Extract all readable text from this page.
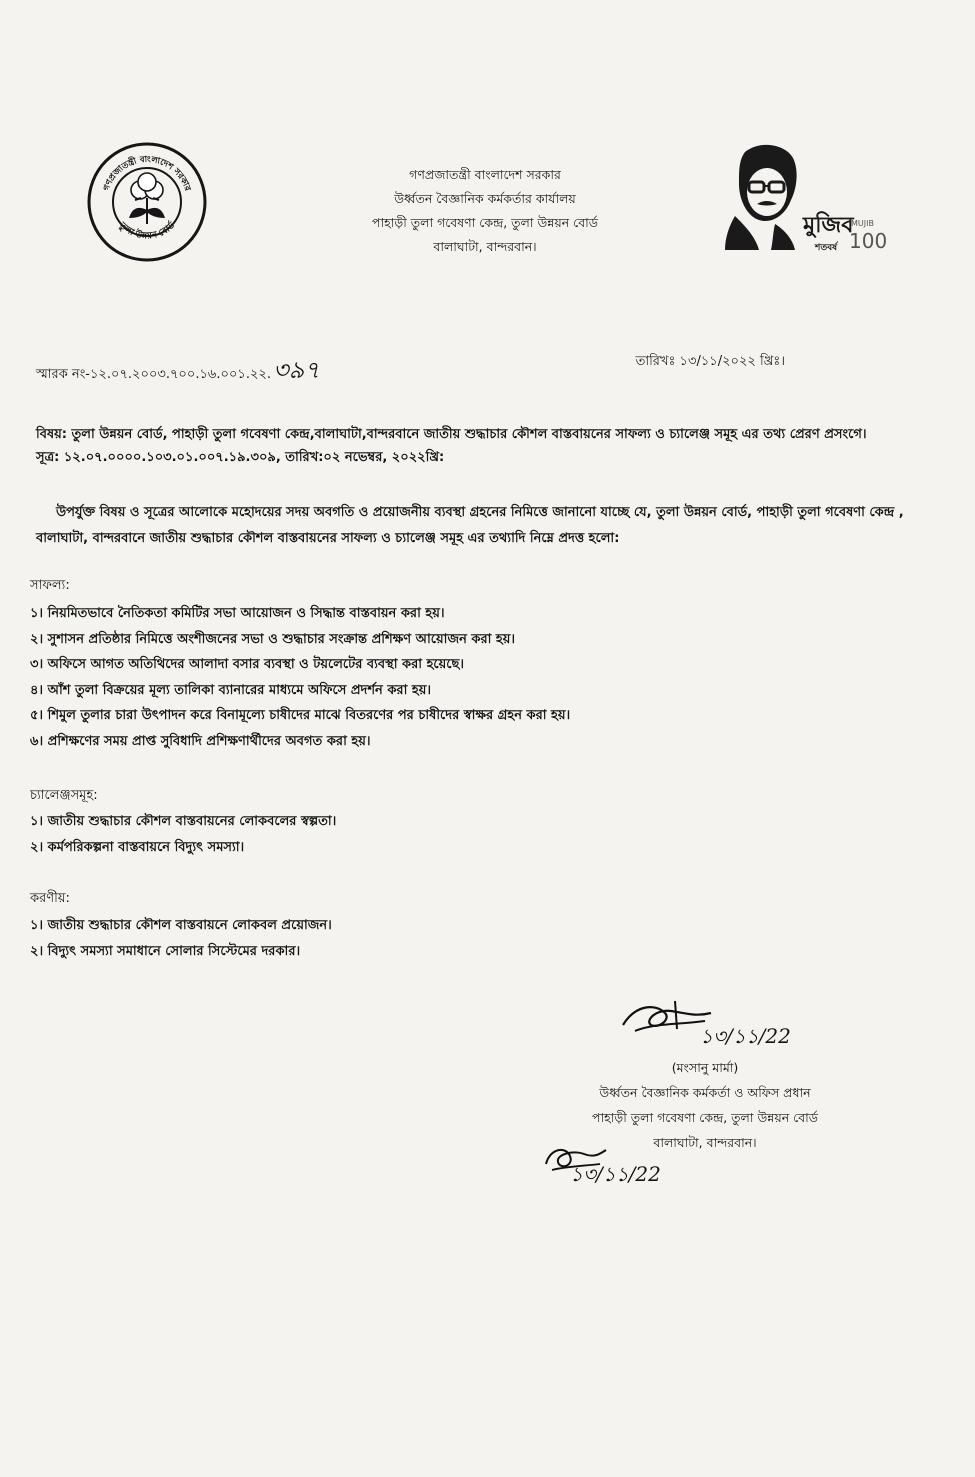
গণপ্রজাতন্ত্রী বাংলাদেশ সরকার
তুলা উন্নয়ন বোর্ড
গণপ্রজাতন্ত্রী বাংলাদেশ সরকার
উর্ধ্বতন বৈজ্ঞানিক কর্মকর্তার কার্যালয়
পাহাড়ী তুলা গবেষণা কেন্দ্র, তুলা উন্নয়ন বোর্ড
বালাঘাটা, বান্দরবান।
মুজিব
শতবর্ষ
MUJIB
100
স্মারক নং-১২.০৭.২০০৩.৭০০.১৬.০০১.২২.৩৯৭	তারিখঃ ১৩/১১/২০২২ খ্রিঃ।
বিষয়: তুলা উন্নয়ন বোর্ড, পাহাড়ী তুলা গবেষণা কেন্দ্র,বালাঘাটা,বান্দরবানে জাতীয় শুদ্ধাচার কৌশল বাস্তবায়নের সাফল্য ও চ্যালেঞ্জ সমূহ এর তথ্য প্রেরণ প্রসংগে।
সূত্র: ১২.০৭.০০০০.১০৩.০১.০০৭.১৯.৩০৯, তারিখ:০২ নভেম্বর, ২০২২খ্রি:
উপর্যুক্ত বিষয় ও সূত্রের আলোকে মহোদয়ের সদয় অবগতি ও প্রয়োজনীয় ব্যবস্থা গ্রহনের নিমিত্তে জানানো যাচ্ছে যে, তুলা উন্নয়ন বোর্ড, পাহাড়ী তুলা গবেষণা কেন্দ্র , বালাঘাটা, বান্দরবানে জাতীয় শুদ্ধাচার কৌশল বাস্তবায়নের সাফল্য ও চ্যালেঞ্জ সমূহ এর তথ্যাদি নিম্নে প্রদত্ত হলো:
সাফল্য:
১। নিয়মিতভাবে নৈতিকতা কমিটির সভা আয়োজন ও সিদ্ধান্ত বাস্তবায়ন করা হয়।
২। সুশাসন প্রতিষ্ঠার নিমিত্তে অংশীজনের সভা ও শুদ্ধাচার সংক্রান্ত প্রশিক্ষণ আয়োজন করা হয়।
৩। অফিসে আগত অতিথিদের আলাদা বসার ব্যবস্থা ও টয়লেটের ব্যবস্থা করা হয়েছে।
৪। আঁশ তুলা বিক্রয়ের মূল্য তালিকা ব্যানারের মাধ্যমে অফিসে প্রদর্শন করা হয়।
৫। শিমুল তুলার চারা উৎপাদন করে বিনামূল্যে চাষীদের মাঝে বিতরণের পর চাষীদের স্বাক্ষর গ্রহন করা হয়।
৬। প্রশিক্ষণের সময় প্রাপ্ত সুবিধাদি প্রশিক্ষণার্থীদের অবগত করা হয়।
চ্যালেঞ্জসমূহ:
১। জাতীয় শুদ্ধাচার কৌশল বাস্তবায়নের লোকবলের স্বল্পতা।
২। কর্মপরিকল্পনা বাস্তবায়নে বিদ্যুৎ সমস্যা।
করণীয়:
১। জাতীয় শুদ্ধাচার কৌশল বাস্তবায়নে লোকবল প্রয়োজন।
২। বিদ্যুৎ সমস্যা সমাধানে সোলার সিস্টেমের দরকার।
১৩/১১/22
(মংসানু মার্মা)
উর্ধ্বতন বৈজ্ঞানিক কর্মকর্তা ও অফিস প্রধান
পাহাড়ী তুলা গবেষণা কেন্দ্র, তুলা উন্নয়ন বোর্ড
বালাঘাটা, বান্দরবান।
১৩/১১/22
